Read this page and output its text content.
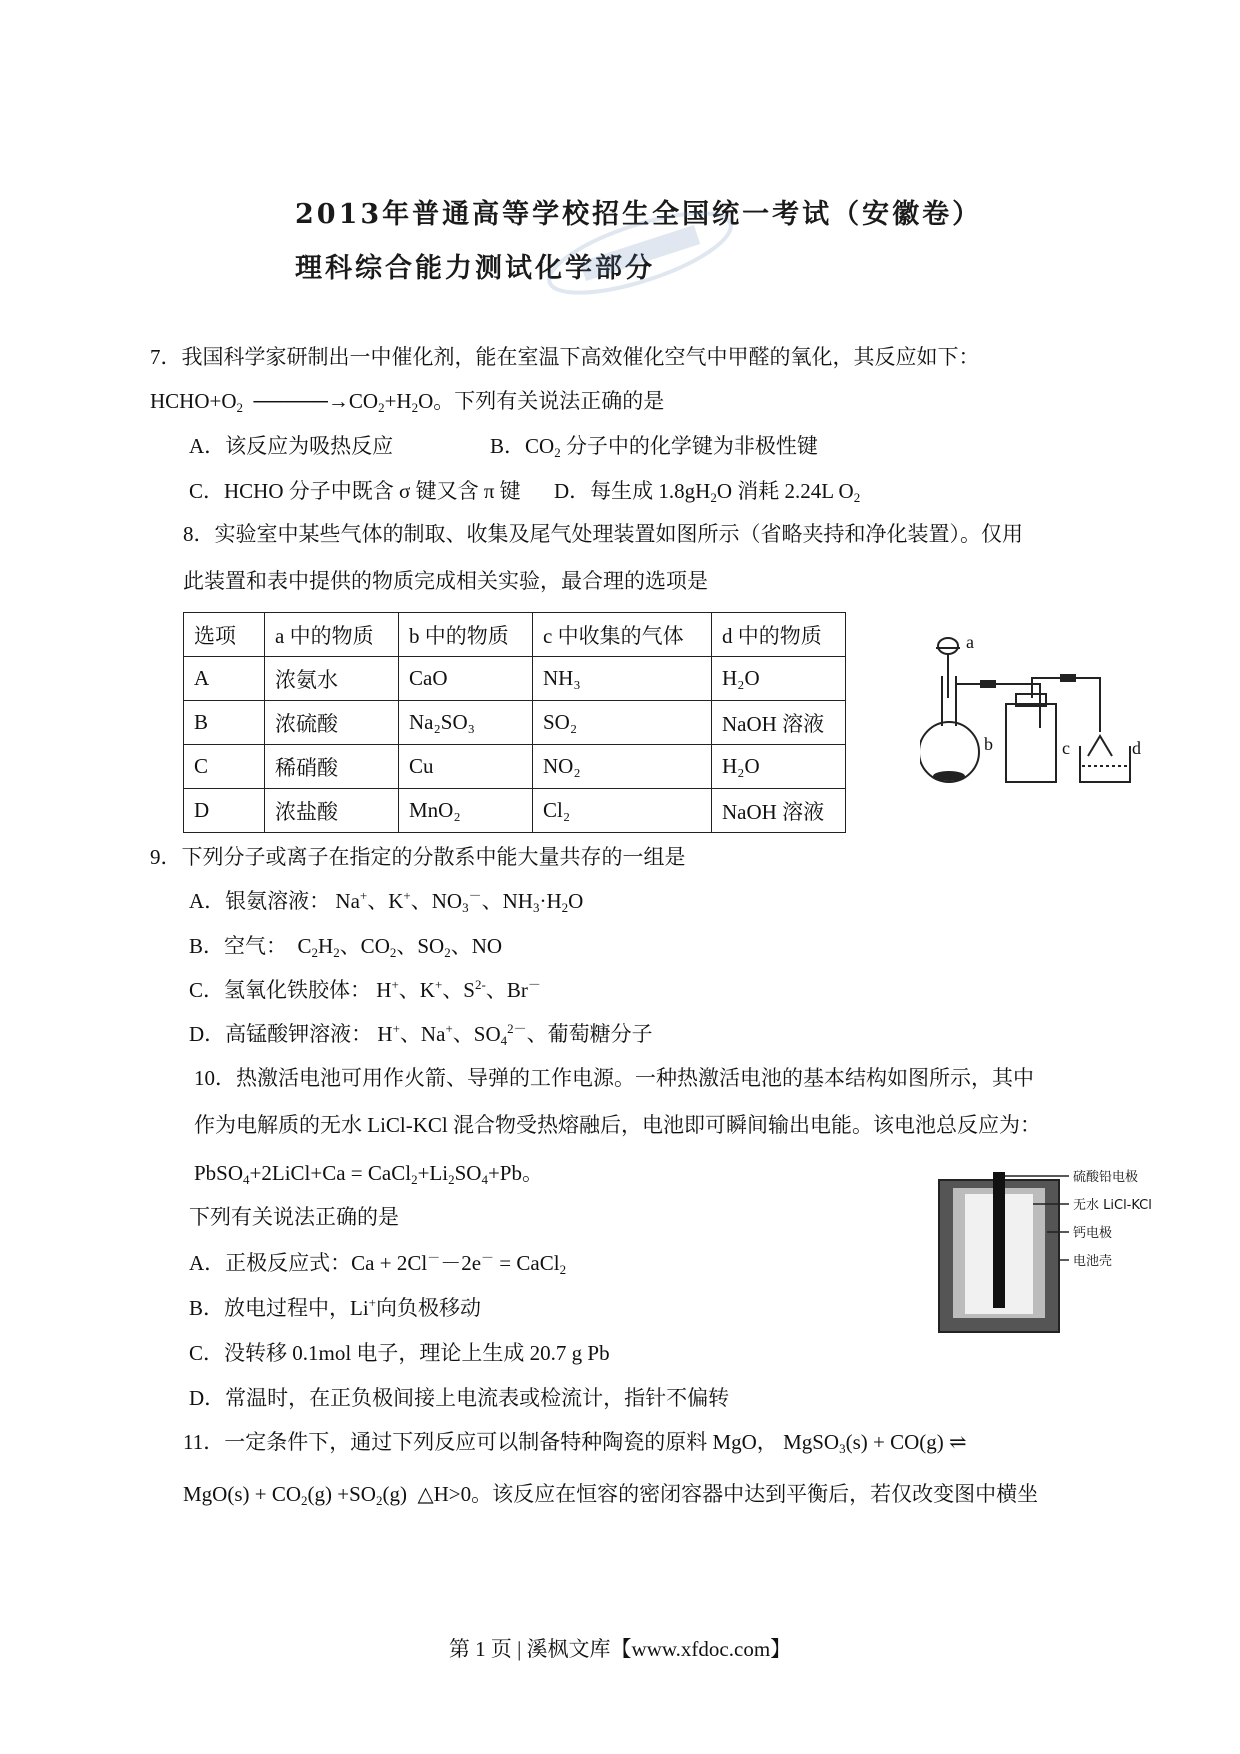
2013年普通高等学校招生全国统一考试（安徽卷）
理科综合能力测试化学部分
7．我国科学家研制出一中催化剂，能在室温下高效催化空气中甲醛的氧化，其反应如下：
$HCHO+O_2$  $─────\to CO_2+H_2O$。下列有关说法正确的是
A．该反应为吸热反应	B．$CO_2$ 分子中的化学键为非极性键
C．HCHO 分子中既含 σ 键又含 π 键 D．每生成 $1.8gH_2O$ 消耗 2.24L $O_2$
8．实验室中某些气体的制取、收集及尾气处理装置如图所示（省略夹持和净化装置）。仅用
此装置和表中提供的物质完成相关实验，最合理的选项是
选项	a 中的物质	b 中的物质	c 中收集的气体	d 中的物质
A	浓氨水	CaO	NH₃	H₂O
B	浓硫酸	Na₂SO₃	SO₂	NaOH 溶液
C	稀硝酸	Cu	NO₂	H₂O
D	浓盐酸	MnO₂	Cl₂	NaOH 溶液
a
b	c	d
9．下列分子或离子在指定的分散系中能大量共存的一组是
A．银氨溶液： Na+、K+、$NO_3^-$、$NH_3\cdot H_2O$
B．空气：  $C_2H_2$、$CO_2$、$SO_2$、NO
C．氢氧化铁胶体： H+、K+、$S^{2-}$、Br－
D．高锰酸钾溶液： H+、Na+、$SO_4^{2-}$、葡萄糖分子
10．热激活电池可用作火箭、导弹的工作电源。一种热激活电池的基本结构如图所示，其中
作为电解质的无水 LiCl-KCl 混合物受热熔融后，电池即可瞬间输出电能。该电池总反应为：
PbSO$_4$+2LiCl+Ca = $CaCl_2+Li_2SO_4+Pb$。
下列有关说法正确的是
A．正极反应式：Ca + 2Cl－－2e－ = CaCl$_2$
B．放电过程中，Li+向负极移动
C．没转移 0.1mol 电子，理论上生成 20.7 g Pb
D．常温时，在正负极间接上电流表或检流计，指针不偏转
硫酸铅电极
无水 LiCl-KCl
钙电极
电池壳
11．一定条件下，通过下列反应可以制备特种陶瓷的原料 MgO， MgSO$_3$(s) + CO(g) ⇌
$MgO(s) + CO_2(g) +SO_2(g)$  △H>0。该反应在恒容的密闭容器中达到平衡后，若仅改变图中横坐
第 1 页 | 溪枫文库【www.xfdoc.com】
